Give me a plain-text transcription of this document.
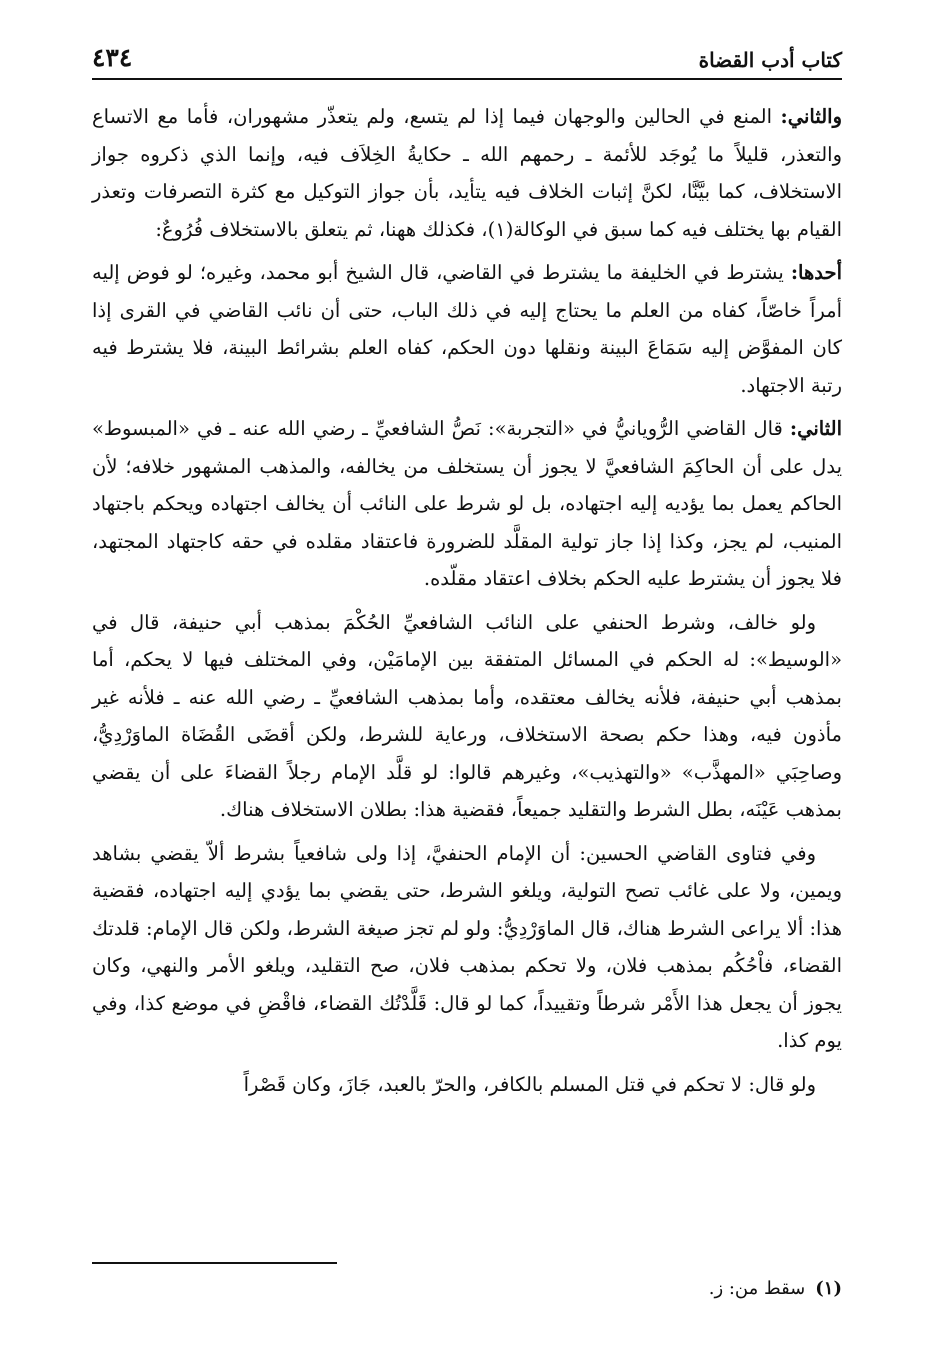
كتاب أدب القضاة
٤٣٤

والثاني: المنع في الحالين والوجهان فيما إذا لم يتسع، ولم يتعذّر مشهوران، فأما مع الاتساع والتعذر، قليلاً ما يُوجَد للأئمة ـ رحمهم الله ـ حكايةُ الخِلاَف فيه، وإنما الذي ذكروه جواز الاستخلاف، كما بيَّنَّا، لكنَّ إثبات الخلاف فيه يتأيد، بأن جواز التوكيل مع كثرة التصرفات وتعذر القيام بها يختلف فيه كما سبق في الوكالة(١)، فكذلك ههنا، ثم يتعلق بالاستخلاف فُرُوعٌ:

أحدها: يشترط في الخليفة ما يشترط في القاضي، قال الشيخ أبو محمد، وغيره؛ لو فوض إليه أمراً خاصّاً، كفاه من العلم ما يحتاج إليه في ذلك الباب، حتى أن نائب القاضي في القرى إذا كان المفوَّض إليه سَمَاعَ البينة ونقلها دون الحكم، كفاه العلم بشرائط البينة، فلا يشترط فيه رتبة الاجتهاد.

الثاني: قال القاضي الرُّويانيُّ في «التجربة»: نَصُّ الشافعيِّ ـ رضي الله عنه ـ في «المبسوط» يدل على أن الحاكِمَ الشافعيَّ لا يجوز أن يستخلف من يخالفه، والمذهب المشهور خلافه؛ لأن الحاكم يعمل بما يؤديه إليه اجتهاده، بل لو شرط على النائب أن يخالف اجتهاده ويحكم باجتهاد المنيب، لم يجز، وكذا إذا جاز تولية المقلَّد للضرورة فاعتقاد مقلده في حقه كاجتهاد المجتهد، فلا يجوز أن يشترط عليه الحكم بخلاف اعتقاد مقلّده.

ولو خالف، وشرط الحنفي على النائب الشافعيِّ الحُكْمَ بمذهب أبي حنيفة، قال في «الوسيط»: له الحكم في المسائل المتفقة بين الإمامَيْن، وفي المختلف فيها لا يحكم، أما بمذهب أبي حنيفة، فلأنه يخالف معتقده، وأما بمذهب الشافعيِّ ـ رضي الله عنه ـ فلأنه غير مأذون فيه، وهذا حكم بصحة الاستخلاف، ورعاية للشرط، ولكن أقضَى القُضَاة الماوَرْدِيُّ، وصاحِبَي «المهذَّب» «والتهذيب»، وغيرهم قالوا: لو قلَّد الإمام رجلاً القضاءَ على أن يقضي بمذهب عَيْنَه، بطل الشرط والتقليد جميعاً، فقضية هذا: بطلان الاستخلاف هناك.

وفي فتاوى القاضي الحسين: أن الإمام الحنفيَّ، إذا ولى شافعياً بشرط ألاّ يقضي بشاهد ويمين، ولا على غائب تصح التولية، ويلغو الشرط، حتى يقضي بما يؤدي إليه اجتهاده، فقضية هذا: ألا يراعى الشرط هناك، قال الماوَرْدِيُّ: ولو لم تجز صيغة الشرط، ولكن قال الإمام: قلدتك القضاء، فاْحُكُم بمذهب فلان، ولا تحكم بمذهب فلان، صح التقليد، ويلغو الأمر والنهي، وكان يجوز أن يجعل هذا الأَمْر شرطاً وتقييداً، كما لو قال: قَلَّدْتُك القضاء، فاقْضِ في موضع كذا، وفي يوم كذا.

ولو قال: لا تحكم في قتل المسلم بالكافر، والحرّ بالعبد، جَازَ، وكان قَصْراً

(١)سقط من: ز.
